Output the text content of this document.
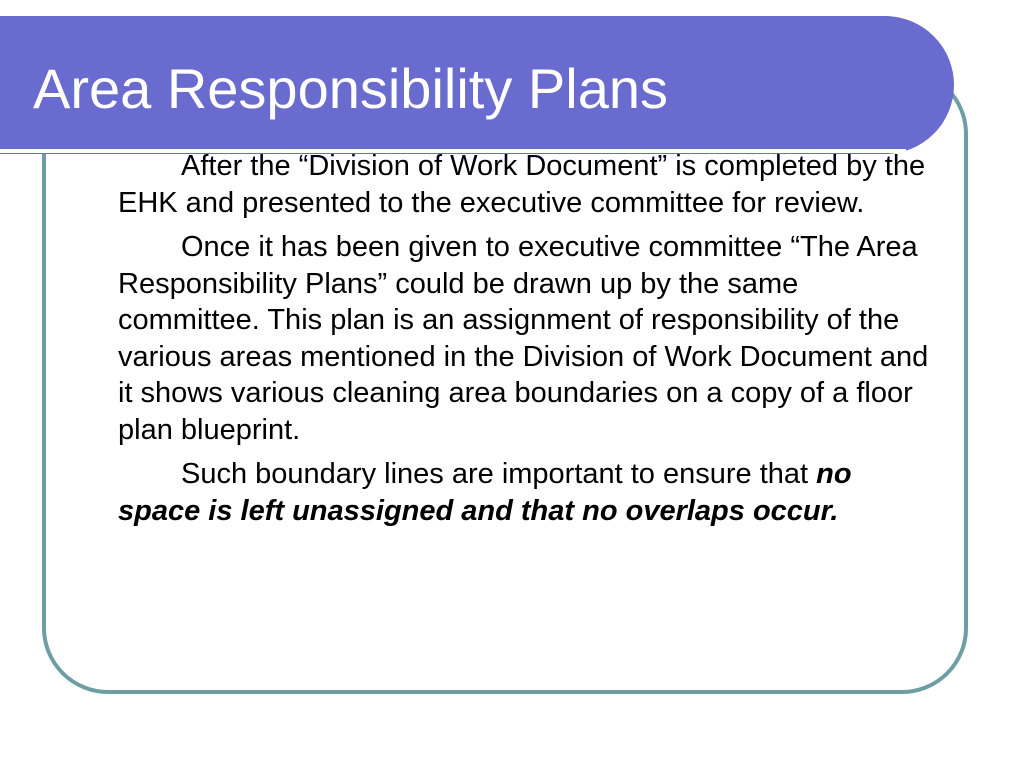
Area Responsibility Plans

After the “Division of Work Document” is completed by the EHK and presented to the executive committee for review.

Once it has been given to executive committee “The Area Responsibility Plans” could be drawn up by the same committee. This plan is an assignment of responsibility of the various areas mentioned in the Division of Work Document and it shows various cleaning area boundaries on a copy of a floor plan blueprint.

Such boundary lines are important to ensure that no space is left unassigned and that no overlaps occur.
